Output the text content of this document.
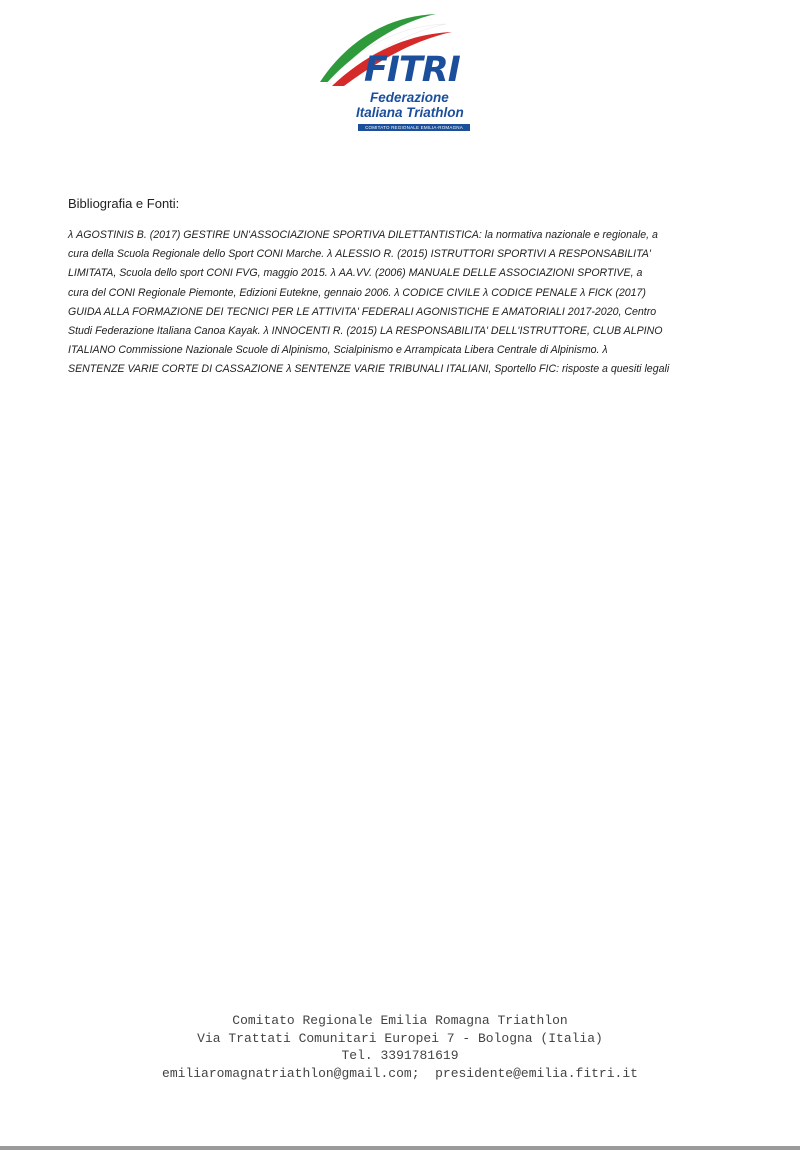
FITRI
Federazione
Italiana Triathlon
COMITATO REGIONALE EMILIA-ROMAGNA
Bibliografia e Fonti:

λ AGOSTINIS B. (2017) GESTIRE UN'ASSOCIAZIONE SPORTIVA DILETTANTISTICA: la normativa nazionale e regionale, a
cura della Scuola Regionale dello Sport CONI Marche. λ ALESSIO R. (2015) ISTRUTTORI SPORTIVI A RESPONSABILITA'
LIMITATA, Scuola dello sport CONI FVG, maggio 2015. λ AA.VV. (2006) MANUALE DELLE ASSOCIAZIONI SPORTIVE, a
cura del CONI Regionale Piemonte, Edizioni Eutekne, gennaio 2006. λ CODICE CIVILE λ CODICE PENALE λ FICK (2017)
GUIDA ALLA FORMAZIONE DEI TECNICI PER LE ATTIVITA' FEDERALI AGONISTICHE E AMATORIALI 2017-2020, Centro
Studi Federazione Italiana Canoa Kayak. λ INNOCENTI R. (2015) LA RESPONSABILITA' DELL'ISTRUTTORE, CLUB ALPINO
ITALIANO Commissione Nazionale Scuole di Alpinismo, Scialpinismo e Arrampicata Libera Centrale di Alpinismo. λ
SENTENZE VARIE CORTE DI CASSAZIONE λ SENTENZE VARIE TRIBUNALI ITALIANI, Sportello FIC: risposte a quesiti legali

Comitato Regionale Emilia Romagna Triathlon
Via Trattati Comunitari Europei 7 - Bologna (Italia)
Tel. 3391781619
emiliaromagnatriathlon@gmail.com;  presidente@emilia.fitri.it
